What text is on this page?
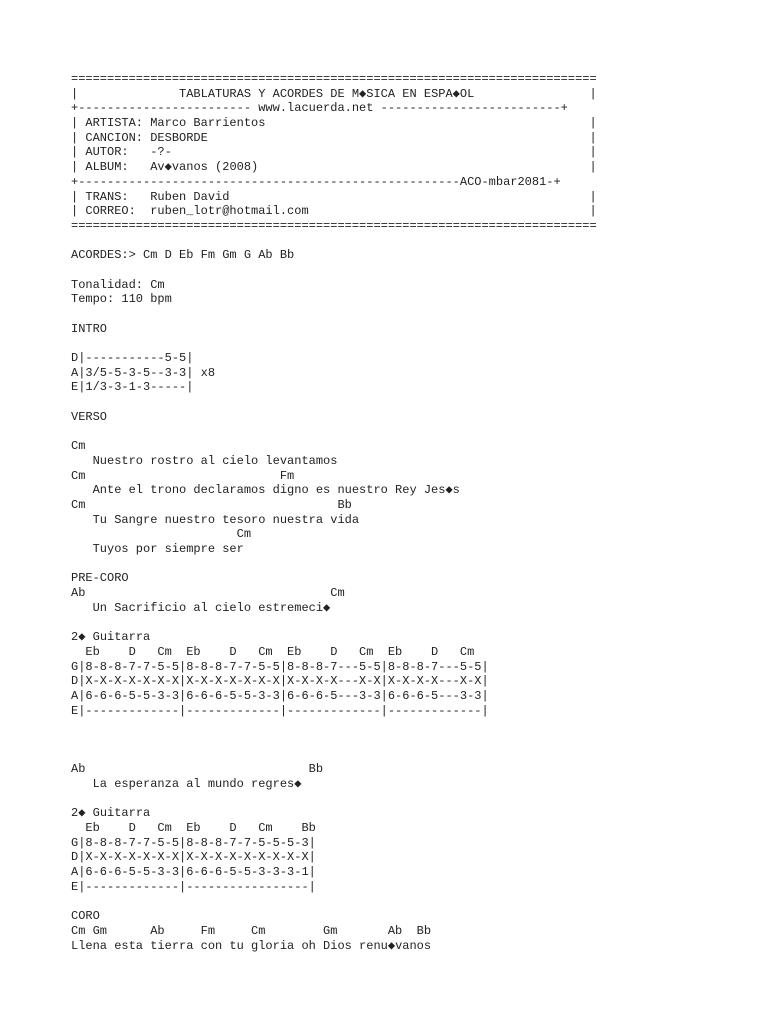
=========================================================================
|              TABLATURAS Y ACORDES DE M◆SICA EN ESPA◆OL                |
+------------------------ www.lacuerda.net -------------------------+
| ARTISTA: Marco Barrientos                                             |
| CANCION: DESBORDE                                                     |
| AUTOR:   -?-                                                          |
| ALBUM:   Av◆vanos (2008)                                              |
+-----------------------------------------------------ACO-mbar2081-+
| TRANS:   Ruben David                                                  |
| CORREO:  ruben_lotr@hotmail.com                                       |
=========================================================================
ACORDES:> Cm D Eb Fm Gm G Ab Bb
Tonalidad: Cm
Tempo: 110 bpm
INTRO
D|-----------5-5|
A|3/5-5-3-5--3-3| x8
E|1/3-3-1-3-----|
VERSO
Cm
Nuestro rostro al cielo levantamos
Cm                           Fm
Ante el trono declaramos digno es nuestro Rey Jes◆s
Cm                                   Bb
Tu Sangre nuestro tesoro nuestra vida
Cm
Tuyos por siempre ser
PRE-CORO
Ab                                  Cm
Un Sacrificio al cielo estremeci◆
2◆ Guitarra
Eb    D   Cm  Eb    D   Cm  Eb    D   Cm  Eb    D   Cm
G|8-8-8-7-7-5-5|8-8-8-7-7-5-5|8-8-8-7---5-5|8-8-8-7---5-5|
D|X-X-X-X-X-X-X|X-X-X-X-X-X-X|X-X-X-X---X-X|X-X-X-X---X-X|
A|6-6-6-5-5-3-3|6-6-6-5-5-3-3|6-6-6-5---3-3|6-6-6-5---3-3|
E|-------------|-------------|-------------|-------------|
Ab                               Bb
La esperanza al mundo regres◆
2◆ Guitarra
Eb    D   Cm  Eb    D   Cm    Bb
G|8-8-8-7-7-5-5|8-8-8-7-7-5-5-5-3|
D|X-X-X-X-X-X-X|X-X-X-X-X-X-X-X-X|
A|6-6-6-5-5-3-3|6-6-6-5-5-3-3-3-1|
E|-------------|-----------------|
CORO
Cm Gm      Ab     Fm     Cm        Gm       Ab  Bb
Llena esta tierra con tu gloria oh Dios renu◆vanos
